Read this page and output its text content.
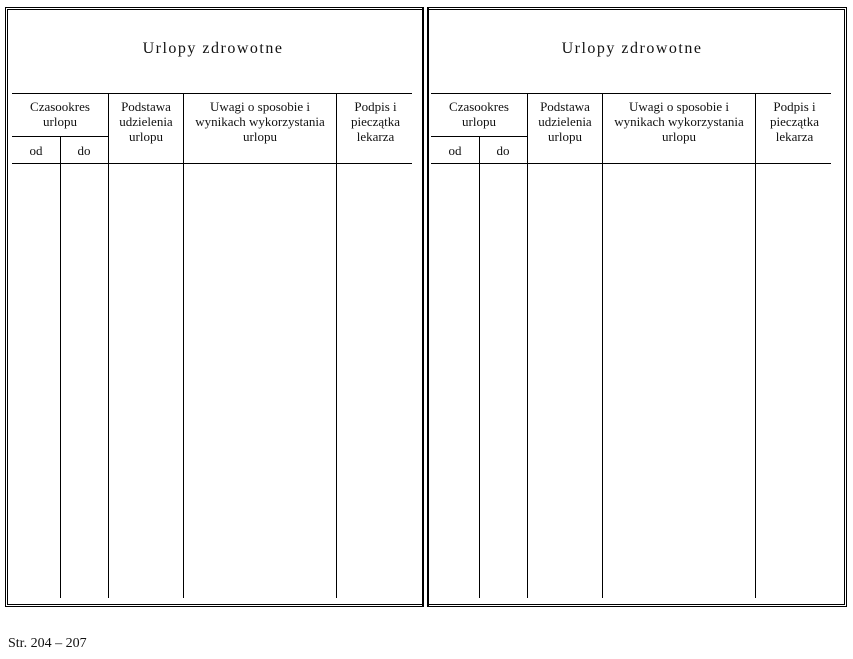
Urlopy zdrowotne
Czasookres urlopu
od	do
Podstawa udzielenia urlopu
Uwagi o sposobie i wynikach wykorzystania urlopu
Podpis i pieczątka lekarza
Urlopy zdrowotne
Czasookres urlopu
od	do
Podstawa udzielenia urlopu
Uwagi o sposobie i wynikach wykorzystania urlopu
Podpis i pieczątka lekarza
Str. 204 – 207
